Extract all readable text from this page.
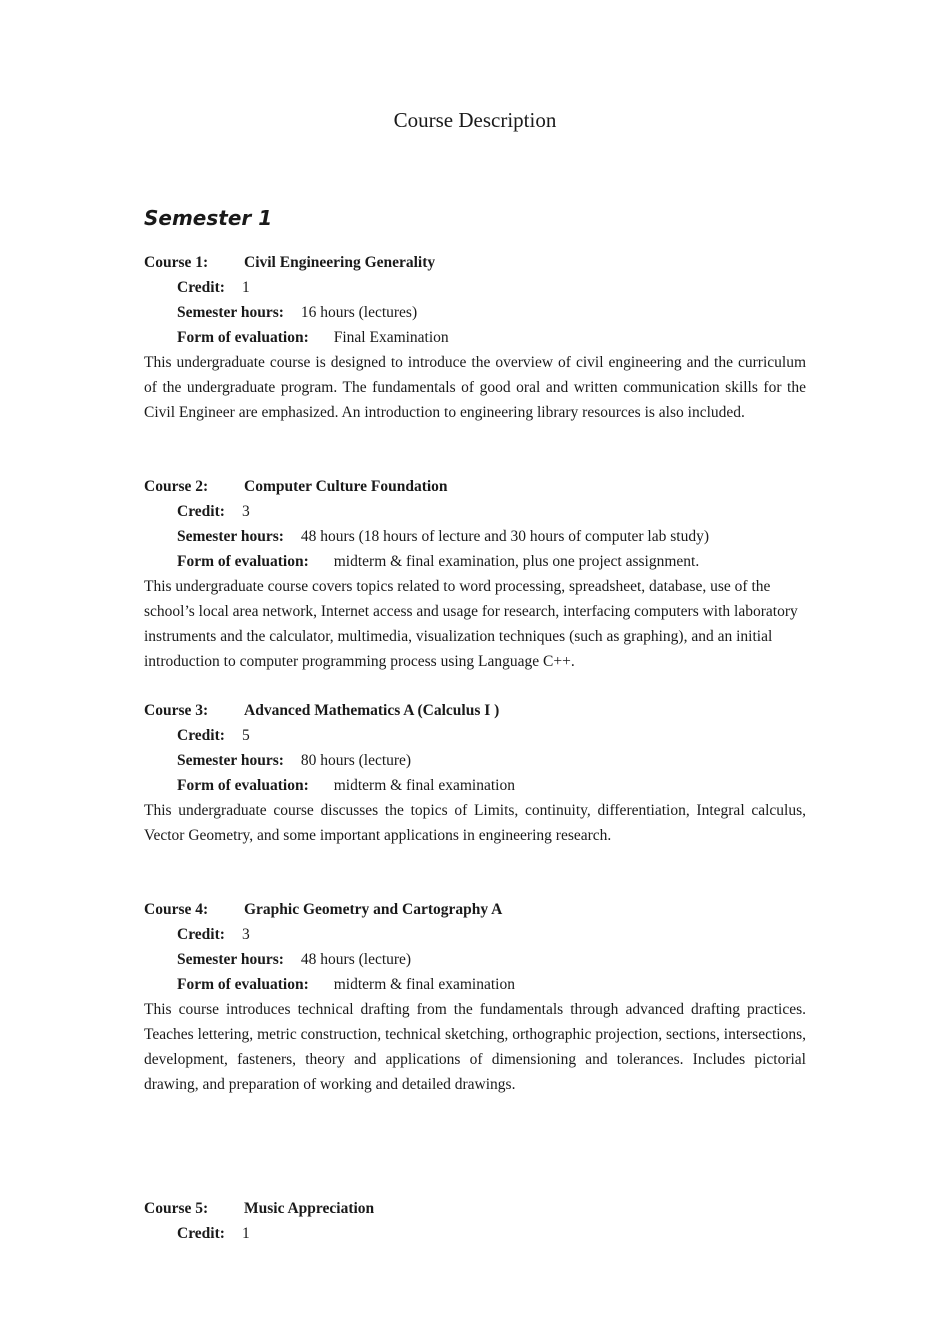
Course Description
Semester 1
Course 1: Civil Engineering Generality
Credit: 1
Semester hours: 16 hours (lectures)
Form of evaluation: Final Examination

This undergraduate course is designed to introduce the overview of civil engineering and the curriculum of the undergraduate program. The fundamentals of good oral and written communication skills for the Civil Engineer are emphasized. An introduction to engineering library resources is also included.

Course 2: Computer Culture Foundation
Credit: 3
Semester hours: 48 hours (18 hours of lecture and 30 hours of computer lab study)
Form of evaluation: midterm & final examination, plus one project assignment.

This undergraduate course covers topics related to word processing, spreadsheet, database, use of the school’s local area network, Internet access and usage for research, interfacing computers with laboratory instruments and the calculator, multimedia, visualization techniques (such as graphing), and an initial introduction to computer programming process using Language C++.

Course 3: Advanced Mathematics A (Calculus I )
Credit: 5
Semester hours: 80 hours (lecture)
Form of evaluation: midterm & final examination

This undergraduate course discusses the topics of Limits, continuity, differentiation, Integral calculus, Vector Geometry, and some important applications in engineering research.

Course 4: Graphic Geometry and Cartography A
Credit: 3
Semester hours: 48 hours (lecture)
Form of evaluation: midterm & final examination

This course introduces technical drafting from the fundamentals through advanced drafting practices. Teaches lettering, metric construction, technical sketching, orthographic projection, sections, intersections, development, fasteners, theory and applications of dimensioning and tolerances. Includes pictorial drawing, and preparation of working and detailed drawings.

Course 5: Music Appreciation
Credit: 1
